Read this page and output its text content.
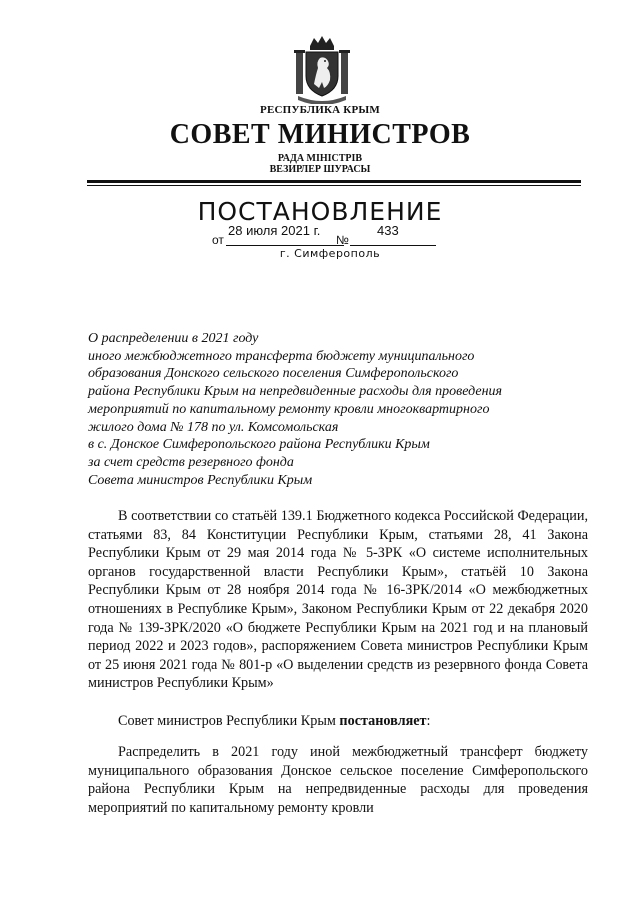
РЕСПУБЛИКА КРЫМ
СОВЕТ МИНИСТРОВ
РАДА МІНІСТРІВ
ВЕЗИРЛЕР ШУРАСЫ
ПОСТАНОВЛЕНИЕ
от
28 июля 2021 г.
№
433
г. Симферополь
О распределении в 2021 году
иного межбюджетного трансферта бюджету муниципального
образования Донского сельского поселения Симферопольского
района Республики Крым на непредвиденные расходы для проведения
мероприятий по капитальному ремонту кровли многоквартирного
жилого дома № 178 по ул. Комсомольская
в с. Донское Симферопольского района Республики Крым
за счет средств резервного фонда
Совета министров Республики Крым

В соответствии со статьёй 139.1 Бюджетного кодекса Российской Федерации, статьями 83, 84 Конституции Республики Крым, статьями 28, 41 Закона Республики Крым от 29 мая 2014 года № 5-ЗРК «О системе исполнительных органов государственной власти Республики Крым», статьёй 10 Закона Республики Крым от 28 ноября 2014 года № 16-ЗРК/2014 «О межбюджетных отношениях в Республике Крым», Законом Республики Крым от 22 декабря 2020 года № 139-ЗРК/2020 «О бюджете Республики Крым на 2021 год и на плановый период 2022 и 2023 годов», распоряжением Совета министров Республики Крым от 25 июня 2021 года № 801-р «О выделении средств из резервного фонда Совета министров Республики Крым»

Совет министров Республики Крым постановляет:

Распределить в 2021 году иной межбюджетный трансферт бюджету муниципального образования Донское сельское поселение Симферопольского района Республики Крым на непредвиденные расходы для проведения мероприятий по капитальному ремонту кровли
